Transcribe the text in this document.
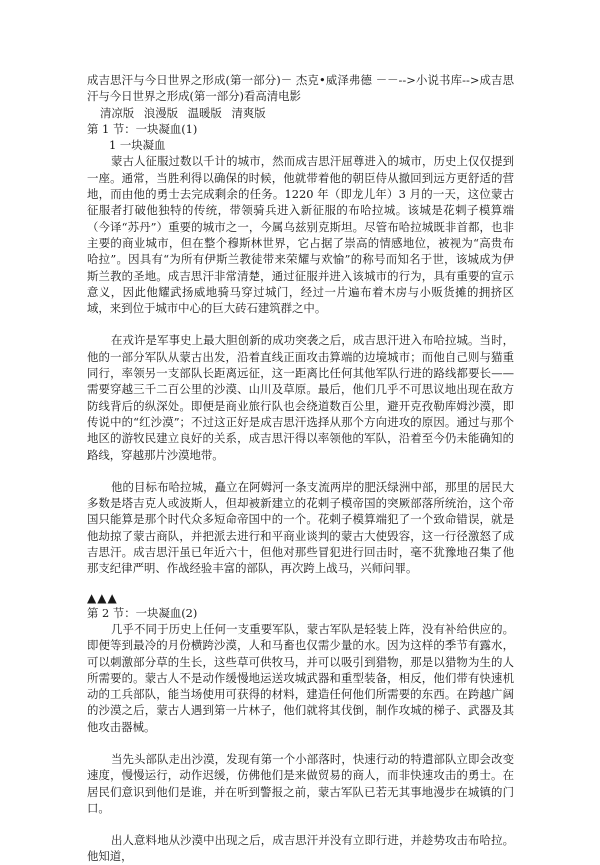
成吉思汗与今日世界之形成(第一部分)－ 杰克•威泽弗德 －－-->小说书库-->成吉思汗与今日世界之形成(第一部分)看高清电影

清凉版 浪漫版 温暖版 清爽版

第 1 节：一块凝血(1)

1 一块凝血

蒙古人征服过数以千计的城市，然而成吉思汗屈尊进入的城市，历史上仅仅提到一座。通常，当胜利得以确保的时候，他就带着他的朝臣侍从撤回到远方更舒适的营地，而由他的勇士去完成剩余的任务。1220 年（即龙儿年）3 月的一天，这位蒙古征服者打破他独特的传统，带领骑兵进入新征服的布哈拉城。该城是花剌子模算端（今译“苏丹”）重要的城市之一，今属乌兹别克斯坦。尽管布哈拉城既非首都，也非主要的商业城市，但在整个穆斯林世界，它占据了崇高的情感地位，被视为“高贵布哈拉”。因具有“为所有伊斯兰教徒带来荣耀与欢愉”的称号而知名于世，该城成为伊斯兰教的圣地。成吉思汗非常清楚，通过征服并进入该城市的行为，具有重要的宣示意义，因此他耀武扬威地骑马穿过城门，经过一片遍布着木房与小贩货摊的拥挤区域，来到位于城市中心的巨大砖石建筑群之中。

在戎许是军事史上最大胆创新的成功突袭之后，成吉思汗进入布哈拉城。当时，他的一部分军队从蒙古出发，沿着直线正面攻击算端的边境城市；而他自己则与猫重同行，率领另一支部队长距离远征，这一距离比任何其他军队行进的路线都要长——需要穿越三千二百公里的沙漠、山川及草原。最后，他们几乎不可思议地出现在敌方防线背后的纵深处。即便是商业旅行队也会绕道数百公里，避开克孜勒库姆沙漠，即传说中的“红沙漠”；不过这正好是成吉思汗选择从那个方向进攻的原因。通过与那个地区的游牧民建立良好的关系，成吉思汗得以率领他的军队，沿着至今仍未能确知的路线，穿越那片沙漠地带。

他的目标布哈拉城，矗立在阿姆河一条支流两岸的肥沃绿洲中部，那里的居民大多数是塔吉克人或波斯人，但却被新建立的花剌子模帝国的突厥部落所统治，这个帝国只能算是那个时代众多短命帝国中的一个。花剌子模算端犯了一个致命错误，就是他劫掠了蒙古商队，并把派去进行和平商业谈判的蒙古大使毁容，这一行径激怒了成吉思汗。成吉思汗虽已年近六十，但他对那些冒犯进行回击时，毫不犹豫地召集了他那支纪律严明、作战经验丰富的部队，再次跨上战马，兴师问罪。

▲▲▲

第 2 节：一块凝血(2)

几乎不同于历史上任何一支重要军队，蒙古军队是轻装上阵，没有补给供应的。即便等到最冷的月份横跨沙漠，人和马畜也仅需少量的水。因为这样的季节有露水，可以刺激部分草的生长，这些草可供牧马，并可以吸引到猎物，那是以猎物为生的人所需要的。蒙古人不是动作缓慢地运送攻城武器和重型装备，相反，他们带有快速机动的工兵部队，能当场使用可获得的材料，建造任何他们所需要的东西。在跨越广阔的沙漠之后，蒙古人遇到第一片林子，他们就将其伐倒，制作攻城的梯子、武器及其他攻击器械。

当先头部队走出沙漠，发现有第一个小部落时，快速行动的特遣部队立即会改变速度，慢慢运行，动作迟缓，仿佛他们是来做贸易的商人，而非快速攻击的勇士。在居民们意识到他们是谁，并在听到警报之前，蒙古军队已若无其事地漫步在城镇的门口。

出人意料地从沙漠中出现之后，成吉思汗并没有立即行进，并趁势攻击布哈拉。他知道，
